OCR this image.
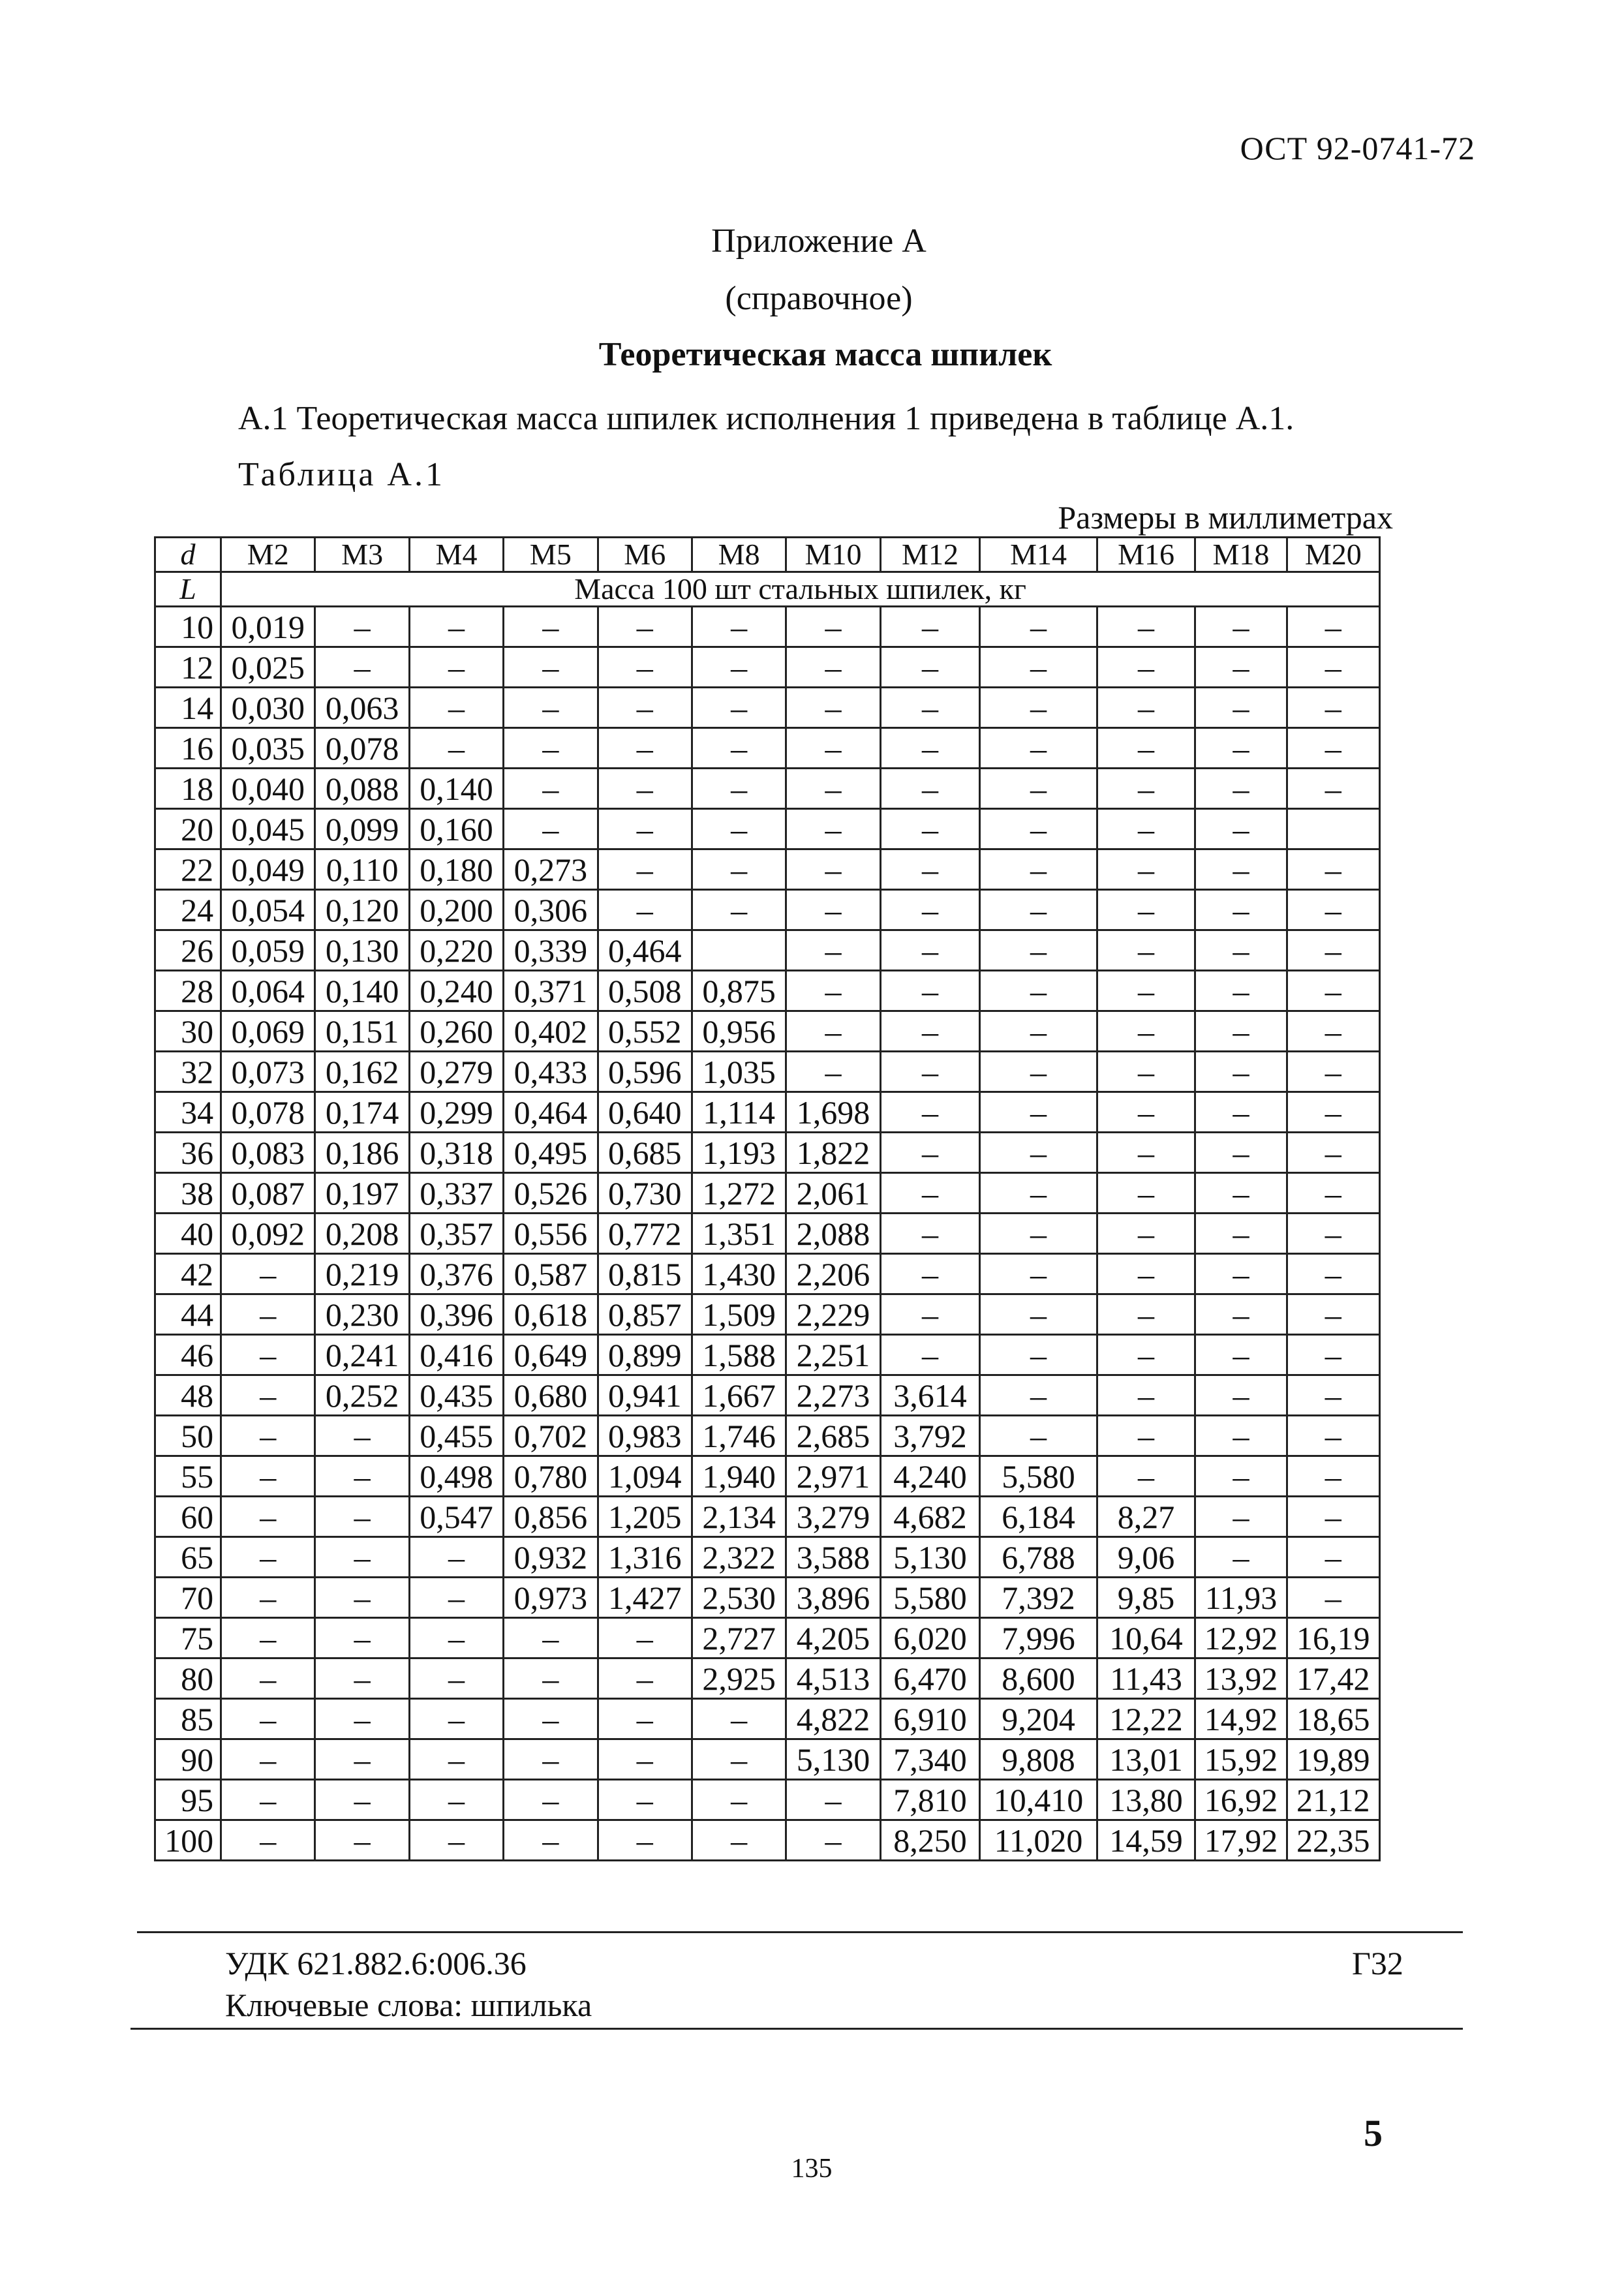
ОСТ 92-0741-72
Приложение А
(справочное)
Теоретическая масса шпилек
А.1 Теоретическая масса шпилек исполнения 1 приведена в таблице А.1.
Таблица А.1
Размеры в миллиметрах
d	М2	М3	М4	М5	М6	М8	М10	М12	М14	М16	М18	М20
L	Масса 100 шт стальных шпилек, кг											
10	0,019	–	–	–	–	–	–	–	–	–	–	–
12	0,025	–	–	–	–	–	–	–	–	–	–	–
14	0,030	0,063	–	–	–	–	–	–	–	–	–	–
16	0,035	0,078	–	–	–	–	–	–	–	–	–	–
18	0,040	0,088	0,140	–	–	–	–	–	–	–	–	–
20	0,045	0,099	0,160	–	–	–	–	–	–	–	–	
22	0,049	0,110	0,180	0,273	–	–	–	–	–	–	–	–
24	0,054	0,120	0,200	0,306	–	–	–	–	–	–	–	–
26	0,059	0,130	0,220	0,339	0,464		–	–	–	–	–	–
28	0,064	0,140	0,240	0,371	0,508	0,875	–	–	–	–	–	–
30	0,069	0,151	0,260	0,402	0,552	0,956	–	–	–	–	–	–
32	0,073	0,162	0,279	0,433	0,596	1,035	–	–	–	–	–	–
34	0,078	0,174	0,299	0,464	0,640	1,114	1,698	–	–	–	–	–
36	0,083	0,186	0,318	0,495	0,685	1,193	1,822	–	–	–	–	–
38	0,087	0,197	0,337	0,526	0,730	1,272	2,061	–	–	–	–	–
40	0,092	0,208	0,357	0,556	0,772	1,351	2,088	–	–	–	–	–
42	–	0,219	0,376	0,587	0,815	1,430	2,206	–	–	–	–	–
44	–	0,230	0,396	0,618	0,857	1,509	2,229	–	–	–	–	–
46	–	0,241	0,416	0,649	0,899	1,588	2,251	–	–	–	–	–
48	–	0,252	0,435	0,680	0,941	1,667	2,273	3,614	–	–	–	–
50	–	–	0,455	0,702	0,983	1,746	2,685	3,792	–	–	–	–
55	–	–	0,498	0,780	1,094	1,940	2,971	4,240	5,580	–	–	–
60	–	–	0,547	0,856	1,205	2,134	3,279	4,682	6,184	8,27	–	–
65	–	–	–	0,932	1,316	2,322	3,588	5,130	6,788	9,06	–	–
70	–	–	–	0,973	1,427	2,530	3,896	5,580	7,392	9,85	11,93	–
75	–	–	–	–	–	2,727	4,205	6,020	7,996	10,64	12,92	16,19
80	–	–	–	–	–	2,925	4,513	6,470	8,600	11,43	13,92	17,42
85	–	–	–	–	–	–	4,822	6,910	9,204	12,22	14,92	18,65
90	–	–	–	–	–	–	5,130	7,340	9,808	13,01	15,92	19,89
95	–	–	–	–	–	–	–	7,810	10,410	13,80	16,92	21,12
100	–	–	–	–	–	–	–	8,250	11,020	14,59	17,92	22,35
УДК 621.882.6:006.36	Г32
Ключевые слова: шпилька
135
5
